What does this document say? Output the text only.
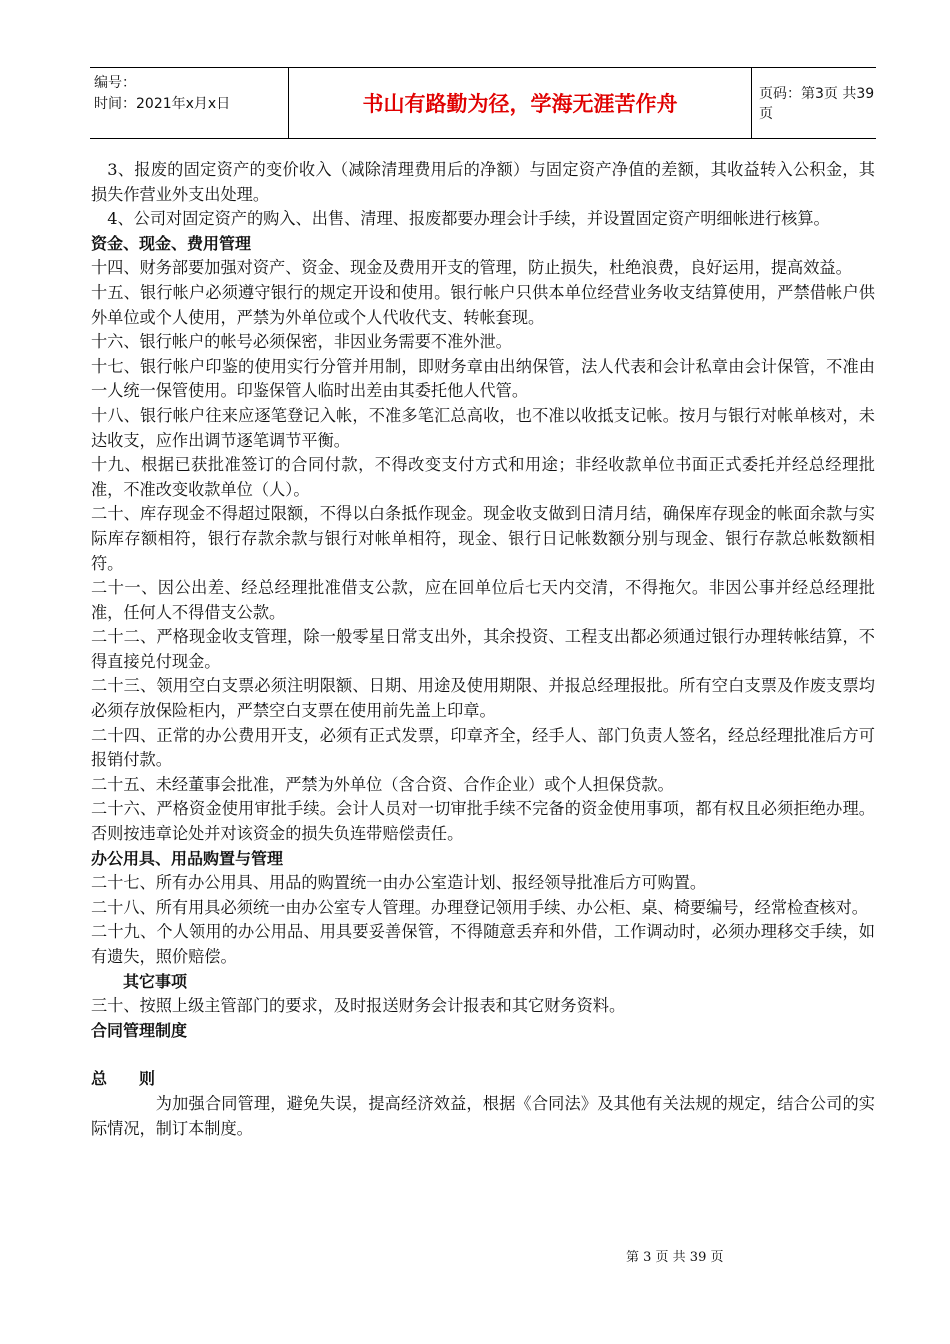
编号：
时间：2021年x月x日	书山有路勤为径，学海无涯苦作舟	页码：第3页 共39页

3、报废的固定资产的变价收入（减除清理费用后的净额）与固定资产净值的差额，其收益转入公积金，其损失作营业外支出处理。

4、公司对固定资产的购入、出售、清理、报废都要办理会计手续，并设置固定资产明细帐进行核算。

资金、现金、费用管理

十四、财务部要加强对资产、资金、现金及费用开支的管理，防止损失，杜绝浪费，良好运用，提高效益。

十五、银行帐户必须遵守银行的规定开设和使用。银行帐户只供本单位经营业务收支结算使用，严禁借帐户供外单位或个人使用，严禁为外单位或个人代收代支、转帐套现。

十六、银行帐户的帐号必须保密，非因业务需要不准外泄。

十七、银行帐户印鉴的使用实行分管并用制，即财务章由出纳保管，法人代表和会计私章由会计保管，不准由一人统一保管使用。印鉴保管人临时出差由其委托他人代管。

十八、银行帐户往来应逐笔登记入帐，不准多笔汇总高收，也不准以收抵支记帐。按月与银行对帐单核对，未达收支，应作出调节逐笔调节平衡。

十九、根据已获批准签订的合同付款，不得改变支付方式和用途；非经收款单位书面正式委托并经总经理批准，不准改变收款单位（人）。

二十、库存现金不得超过限额，不得以白条抵作现金。现金收支做到日清月结，确保库存现金的帐面余款与实际库存额相符，银行存款余款与银行对帐单相符，现金、银行日记帐数额分别与现金、银行存款总帐数额相符。

二十一、因公出差、经总经理批准借支公款，应在回单位后七天内交清，不得拖欠。非因公事并经总经理批准，任何人不得借支公款。

二十二、严格现金收支管理，除一般零星日常支出外，其余投资、工程支出都必须通过银行办理转帐结算，不得直接兑付现金。

二十三、领用空白支票必须注明限额、日期、用途及使用期限、并报总经理报批。所有空白支票及作废支票均必须存放保险柜内，严禁空白支票在使用前先盖上印章。

二十四、正常的办公费用开支，必须有正式发票，印章齐全，经手人、部门负责人签名，经总经理批准后方可报销付款。

二十五、未经董事会批准，严禁为外单位（含合资、合作企业）或个人担保贷款。

二十六、严格资金使用审批手续。会计人员对一切审批手续不完备的资金使用事项，都有权且必须拒绝办理。否则按违章论处并对该资金的损失负连带赔偿责任。

办公用具、用品购置与管理

二十七、所有办公用具、用品的购置统一由办公室造计划、报经领导批准后方可购置。

二十八、所有用具必须统一由办公室专人管理。办理登记领用手续、办公柜、桌、椅要编号，经常检查核对。

二十九、个人领用的办公用品、用具要妥善保管，不得随意丢弃和外借，工作调动时，必须办理移交手续，如有遗失，照价赔偿。

其它事项

三十、按照上级主管部门的要求，及时报送财务会计报表和其它财务资料。

合同管理制度

总　　则

为加强合同管理，避免失误，提高经济效益，根据《合同法》及其他有关法规的规定，结合公司的实际情况，制订本制度。

第 3 页 共 39 页
